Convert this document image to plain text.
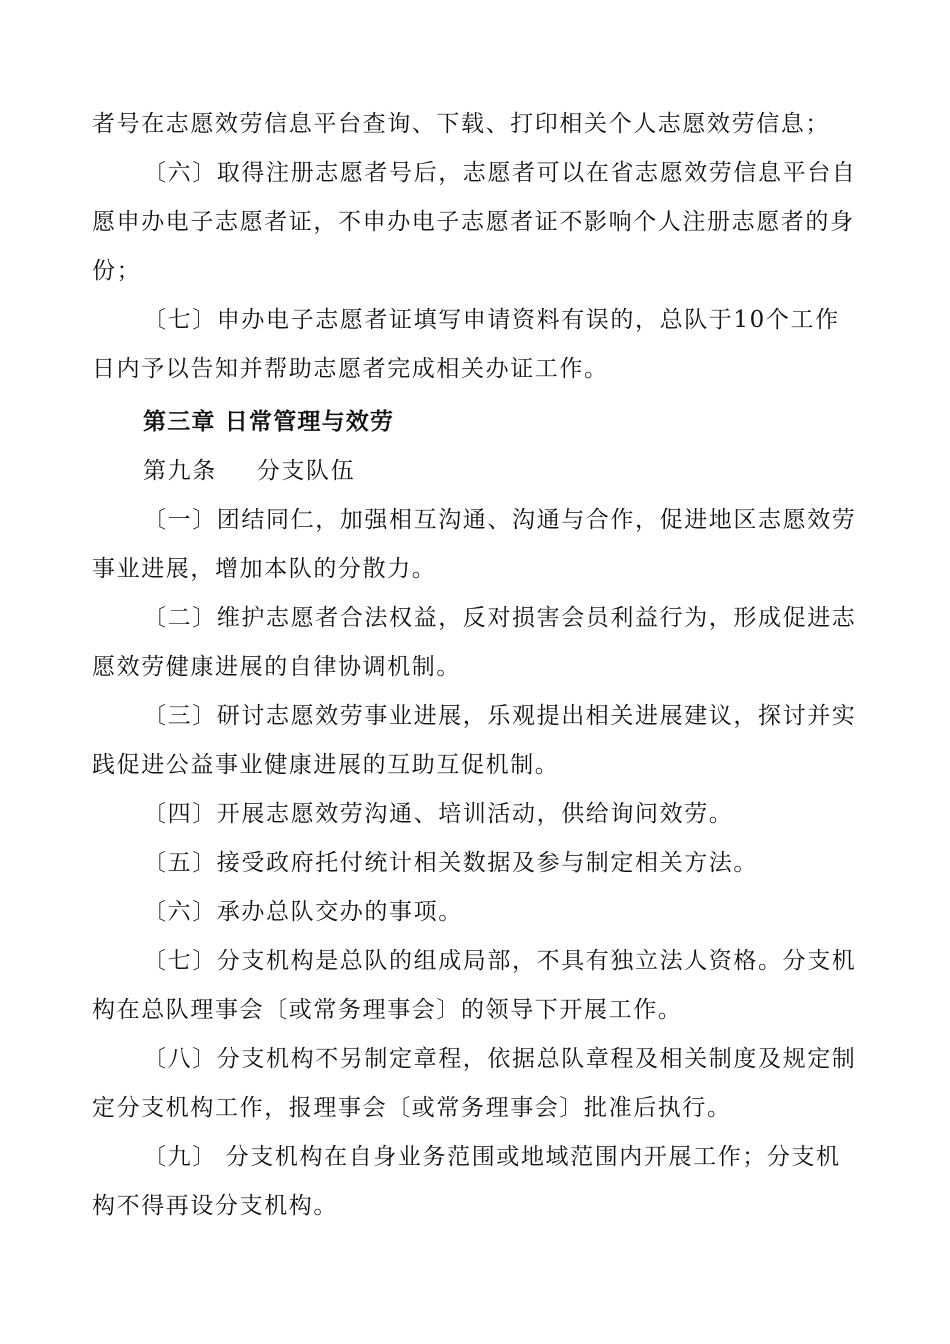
者号在志愿效劳信息平台查询、下载、打印相关个人志愿效劳信息；

〔六〕取得注册志愿者号后，志愿者可以在省志愿效劳信息平台自愿申办电子志愿者证，不申办电子志愿者证不影响个人注册志愿者的身份；

〔七〕申办电子志愿者证填写申请资料有误的，总队于10个工作日内予以告知并帮助志愿者完成相关办证工作。

第三章 日常管理与效劳

第九条 分支队伍

〔一〕团结同仁，加强相互沟通、沟通与合作，促进地区志愿效劳事业进展，增加本队的分散力。

〔二〕维护志愿者合法权益，反对损害会员利益行为，形成促进志愿效劳健康进展的自律协调机制。

〔三〕研讨志愿效劳事业进展，乐观提出相关进展建议，探讨并实践促进公益事业健康进展的互助互促机制。

〔四〕开展志愿效劳沟通、培训活动，供给询问效劳。

〔五〕接受政府托付统计相关数据及参与制定相关方法。

〔六〕承办总队交办的事项。

〔七〕分支机构是总队的组成局部，不具有独立法人资格。分支机构在总队理事会〔或常务理事会〕的领导下开展工作。

〔八〕分支机构不另制定章程，依据总队章程及相关制度及规定制定分支机构工作，报理事会〔或常务理事会〕批准后执行。

〔九〕 分支机构在自身业务范围或地域范围内开展工作；分支机构不得再设分支机构。
